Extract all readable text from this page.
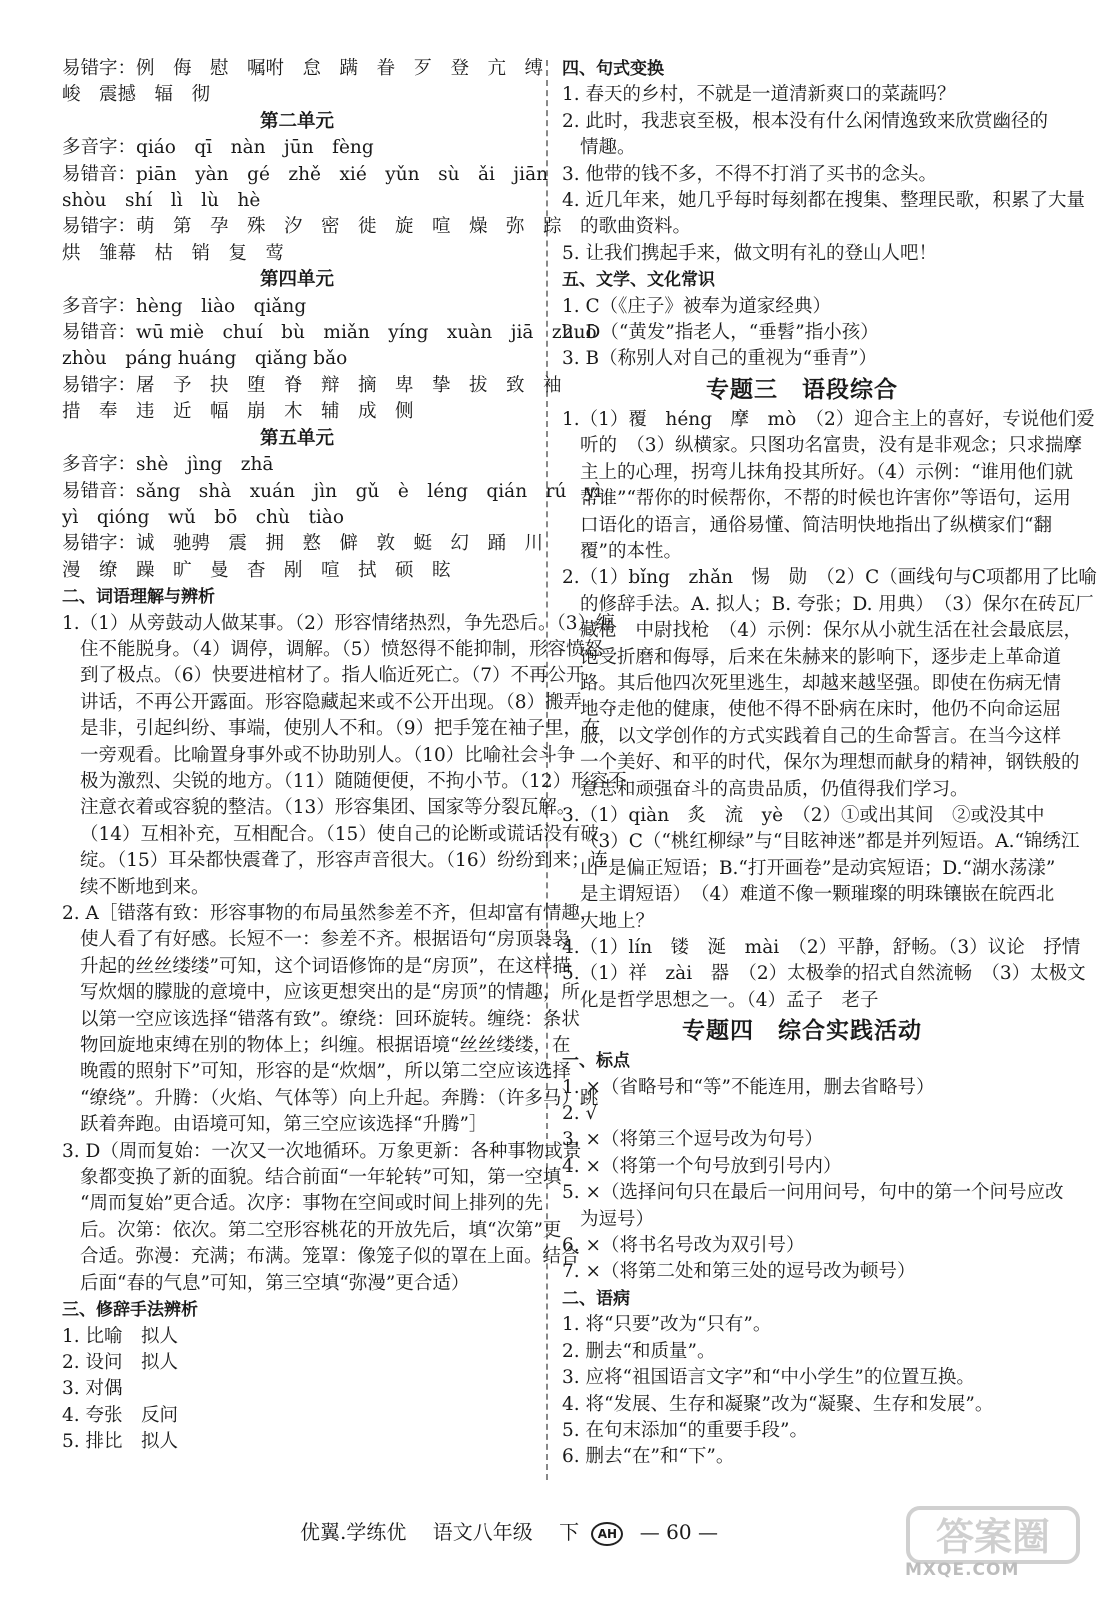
易错字：例　侮　慰　嘱咐　怠　蹒　眷　歹　登　亢　缚
峻　震撼　辐　彻
第二单元
多音字：qiáo　qī　nàn　jūn　fèng
易错音：piān　yàn　gé　zhě　xié　yǔn　sù　ǎi　jiān
shòu　shí　lì　lù　hè
易错字：萌　第　孕　殊　汐　密　徙　旋　喧　燥　弥　踪
烘　雏幕　枯　销　复　莺
第四单元
多音字：hèng　liào　qiǎng
易错音：wū miè　chuí　bù　miǎn　yíng　xuàn　jiā　zhuō
zhòu　páng huáng　qiǎng bǎo
易错字：屠　予　抉　堕　脊　辩　摘　卑　挚　拔　致　袖
措　奉　违　近　幅　崩　木　辅　成　侧
第五单元
多音字：shè　jìng　zhā
易错音：sǎng　shà　xuán　jìn　gǔ　è　léng　qián　rú　yì
yì　qióng　wǔ　bō　chù　tiào
易错字：诚　驰骋　震　拥　憝　僻　敦　蜓　幻　踊　川
漫　缭　躁　旷　曼　杳　剐　喧　拭　硕　眩
二、词语理解与辨析
1.（1）从旁鼓动人做某事。（2）形容情绪热烈，争先恐后。（3）缠
住不能脱身。（4）调停，调解。（5）愤怒得不能抑制，形容愤怒
到了极点。（6）快要进棺材了。指人临近死亡。（7）不再公开
讲话，不再公开露面。形容隐藏起来或不公开出现。（8）搬弄
是非，引起纠纷、事端，使别人不和。（9）把手笼在袖子里，在
一旁观看。比喻置身事外或不协助别人。（10）比喻社会斗争
极为激烈、尖锐的地方。（11）随随便便，不拘小节。（12）形容不
注意衣着或容貌的整洁。（13）形容集团、国家等分裂瓦解。
（14）互相补充，互相配合。（15）使自己的论断或谎话没有破
绽。（15）耳朵都快震聋了，形容声音很大。（16）纷纷到来；连
续不断地到来。
2. A［错落有致：形容事物的布局虽然参差不齐，但却富有情趣，
使人看了有好感。长短不一：参差不齐。根据语句“房顶袅袅
升起的丝丝缕缕”可知，这个词语修饰的是“房顶”，在这样描
写炊烟的朦胧的意境中，应该更想突出的是“房顶”的情趣，所
以第一空应该选择“错落有致”。缭绕：回环旋转。缠绕：条状
物回旋地束缚在别的物体上；纠缠。根据语境“丝丝缕缕，在
晚霞的照射下”可知，形容的是“炊烟”，所以第二空应该选择
“缭绕”。升腾：（火焰、气体等）向上升起。奔腾：（许多马）跳
跃着奔跑。由语境可知，第三空应该选择“升腾”］
3. D（周而复始：一次又一次地循环。万象更新：各种事物或景
象都变换了新的面貌。结合前面“一年轮转”可知，第一空填
“周而复始”更合适。次序：事物在空间或时间上排列的先
后。次第：依次。第二空形容桃花的开放先后，填“次第”更
合适。弥漫：充满；布满。笼罩：像笼子似的罩在上面。结合
后面“春的气息”可知，第三空填“弥漫”更合适）
三、修辞手法辨析
1. 比喻　拟人
2. 设问　拟人
3. 对偶
4. 夸张　反问
5. 排比　拟人
四、句式变换
1. 春天的乡村，不就是一道清新爽口的菜蔬吗？
2. 此时，我悲哀至极，根本没有什么闲情逸致来欣赏幽径的
情趣。
3. 他带的钱不多，不得不打消了买书的念头。
4. 近几年来，她几乎每时每刻都在搜集、整理民歌，积累了大量
的歌曲资料。
5. 让我们携起手来，做文明有礼的登山人吧！
五、文学、文化常识
1. C（《庄子》被奉为道家经典）
2. D（“黄发”指老人，“垂髫”指小孩）
3. B（称别人对自己的重视为“垂青”）
专题三　语段综合
1.（1）覆　héng　摩　mò　（2）迎合主上的喜好，专说他们爱
听的　（3）纵横家。只图功名富贵，没有是非观念；只求揣摩
主上的心理，拐弯儿抹角投其所好。（4）示例：“谁用他们就
帮谁”“帮你的时候帮你，不帮的时候也许害你”等语句，运用
口语化的语言，通俗易懂、简洁明快地指出了纵横家们“翻
覆”的本性。
2.（1）bǐng　zhǎn　惕　勋　（2）C（画线句与C项都用了比喻
的修辞手法。A. 拟人；B. 夸张；D. 用典）　（3）保尔在砖瓦厂
藏枪　中尉找枪　（4）示例：保尔从小就生活在社会最底层，
饱受折磨和侮辱，后来在朱赫来的影响下，逐步走上革命道
路。其后他四次死里逃生，却越来越坚强。即使在伤病无情
地夺走他的健康，使他不得不卧病在床时，他仍不向命运屈
服，以文学创作的方式实践着自己的生命誓言。在当今这样
一个美好、和平的时代，保尔为理想而献身的精神，钢铁般的
意志和顽强奋斗的高贵品质，仍值得我们学习。
3.（1）qiàn　炙　流　yè　（2）①或出其间　②或没其中
（3）C（“桃红柳绿”与“目眩神迷”都是并列短语。A.“锦绣江
山”是偏正短语；B.“打开画卷”是动宾短语；D.“湖水荡漾”
是主谓短语）　（4）难道不像一颗璀璨的明珠镶嵌在皖西北
大地上？
4.（1）lín　镂　涎　mài　（2）平静，舒畅。（3）议论　抒情
5.（1）祥　zài　器　（2）太极拳的招式自然流畅　（3）太极文
化是哲学思想之一。（4）孟子　老子
专题四　综合实践活动
一、标点
1. ×（省略号和“等”不能连用，删去省略号）
2. √
3. ×（将第三个逗号改为句号）
4. ×（将第一个句号放到引号内）
5. ×（选择问句只在最后一问用问号，句中的第一个问号应改
为逗号）
6. ×（将书名号改为双引号）
7. ×（将第二处和第三处的逗号改为顿号）
二、语病
1. 将“只要”改为“只有”。
2. 删去“和质量”。
3. 应将“祖国语言文字”和“中小学生”的位置互换。
4. 将“发展、生存和凝聚”改为“凝聚、生存和发展”。
5. 在句末添加“的重要手段”。
6. 删去“在”和“下”。
优翼.学练优　 语文八年级　 下 AH — 60 —	答案圈
MXQE.COM
